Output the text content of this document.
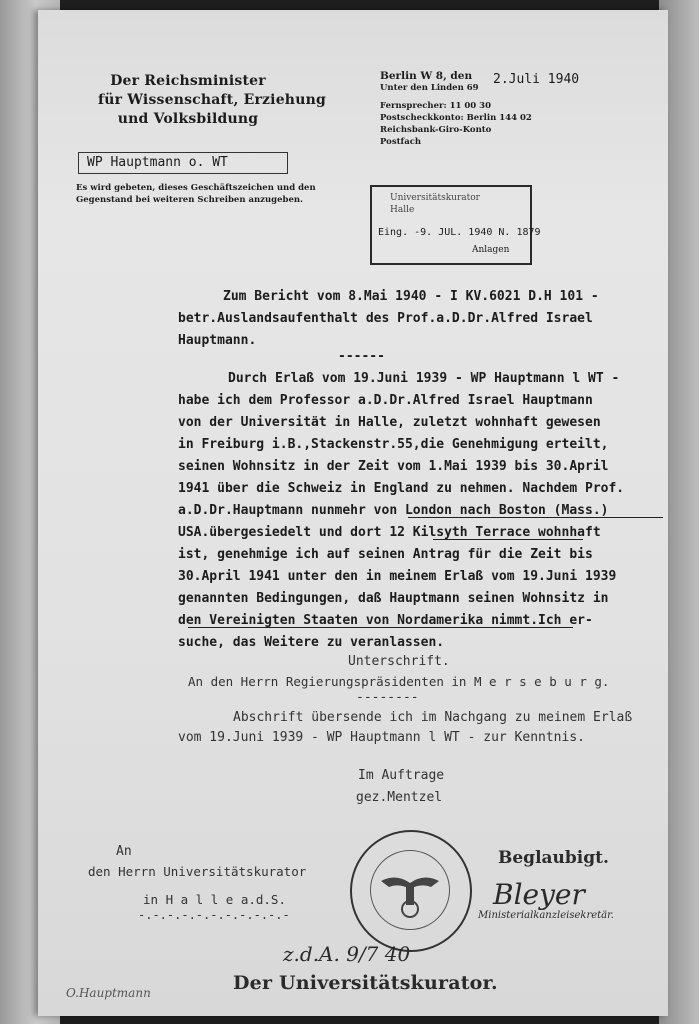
Der Reichsminister
für Wissenschaft, Erziehung
und Volksbildung
WP Hauptmann o. WT
Es wird gebeten, dieses Geschäftszeichen und den
Gegenstand bei weiteren Schreiben anzugeben.
Berlin W 8, den
Unter den Linden 69
Fernsprecher: 11 00 30
Postscheckkonto: Berlin 144 02
Reichsbank-Giro-Konto
Postfach
2.Juli 1940
Universitätskurator
Halle
Eing. -9. JUL. 1940 N. 1879
Anlagen
Zum Bericht vom 8.Mai 1940 - I KV.6021 D.H 101 -
betr.Auslandsaufenthalt des Prof.a.D.Dr.Alfred Israel
Hauptmann.
------
Durch Erlaß vom 19.Juni 1939 - WP Hauptmann l WT -
habe ich dem Professor a.D.Dr.Alfred Israel Hauptmann
von der Universität in Halle, zuletzt wohnhaft gewesen
in Freiburg i.B.,Stackenstr.55,die Genehmigung erteilt,
seinen Wohnsitz in der Zeit vom 1.Mai 1939 bis 30.April
1941 über die Schweiz in England zu nehmen. Nachdem Prof.
a.D.Dr.Hauptmann nunmehr von London nach Boston (Mass.)
USA.übergesiedelt und dort 12 Kilsyth Terrace wohnhaft
ist, genehmige ich auf seinen Antrag für die Zeit bis
30.April 1941 unter den in meinem Erlaß vom 19.Juni 1939
genannten Bedingungen, daß Hauptmann seinen Wohnsitz in
den Vereinigten Staaten von Nordamerika nimmt.Ich er-
suche, das Weitere zu veranlassen.
Unterschrift.
An den Herrn Regierungspräsidenten in M e r s e b u r g.
--------
Abschrift übersende ich im Nachgang zu meinem Erlaß
vom 19.Juni 1939 - WP Hauptmann l WT - zur Kenntnis.
Im Auftrage
gez.Mentzel
An
den Herrn Universitätskurator
in H a l l e a.d.S.
-.-.-.-.-.-.-.-.-.-.-
Beglaubigt.
Bleyer
Ministerialkanzleisekretär.
z.d.A. 9/7 40
Der Universitätskurator.
O.Hauptmann
